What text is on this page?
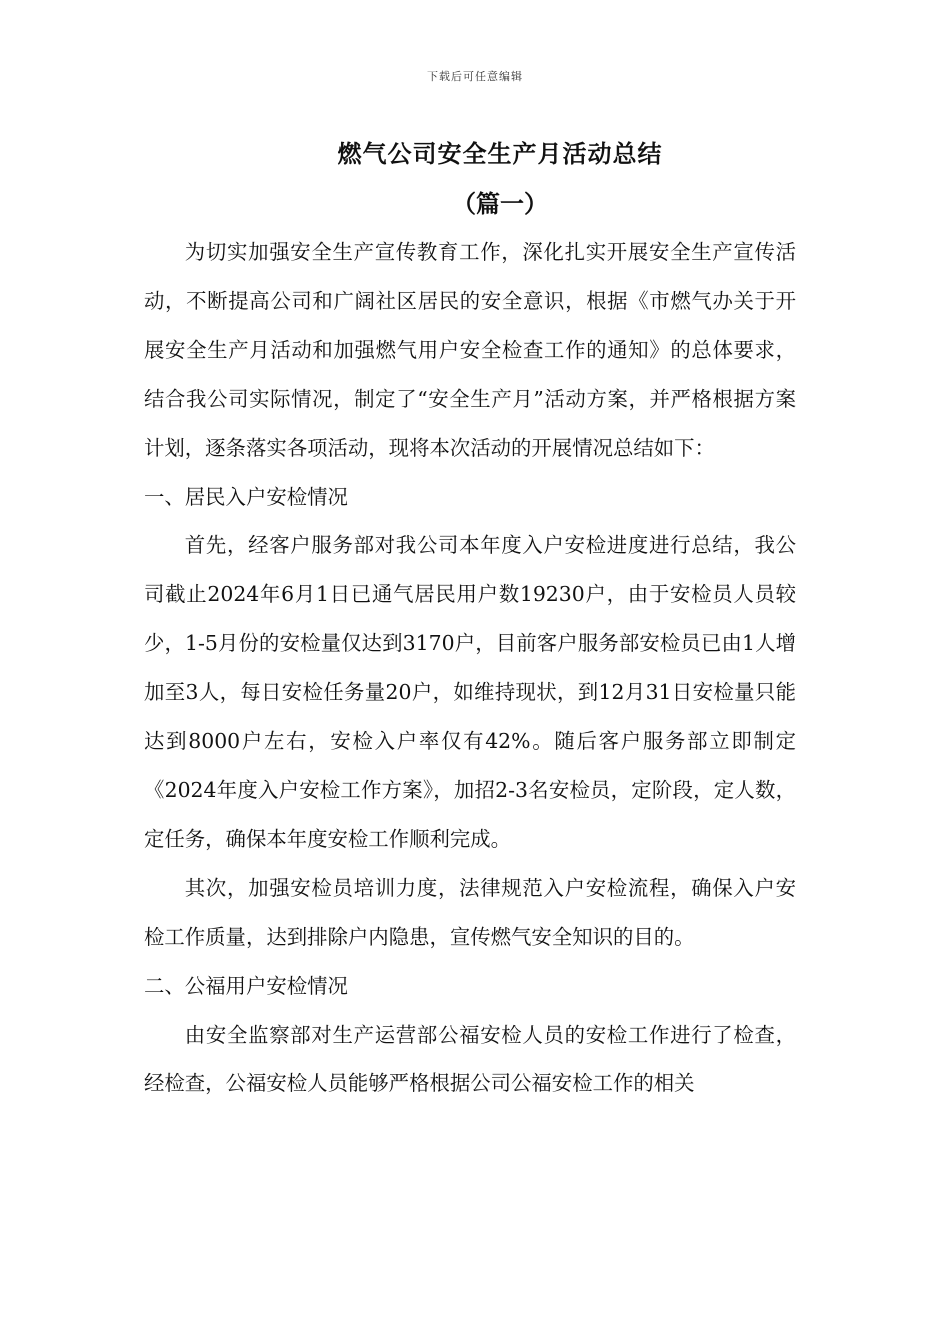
下载后可任意编辑
燃气公司安全生产月活动总结
（篇一）

为切实加强安全生产宣传教育工作，深化扎实开展安全生产宣传活动，不断提高公司和广阔社区居民的安全意识，根据《市燃气办关于开展安全生产月活动和加强燃气用户安全检查工作的通知》的总体要求，结合我公司实际情况，制定了“安全生产月”活动方案，并严格根据方案计划，逐条落实各项活动，现将本次活动的开展情况总结如下：

一、居民入户安检情况

首先，经客户服务部对我公司本年度入户安检进度进行总结，我公司截止2024年6月1日已通气居民用户数19230户，由于安检员人员较少，1-5月份的安检量仅达到3170户，目前客户服务部安检员已由1人增加至3人，每日安检任务量20户，如维持现状，到12月31日安检量只能达到8000户左右，安检入户率仅有42%。随后客户服务部立即制定《2024年度入户安检工作方案》，加招2-3名安检员，定阶段，定人数，定任务，确保本年度安检工作顺利完成。

其次，加强安检员培训力度，法律规范入户安检流程，确保入户安检工作质量，达到排除户内隐患，宣传燃气安全知识的目的。

二、公福用户安检情况

由安全监察部对生产运营部公福安检人员的安检工作进行了检查，经检查，公福安检人员能够严格根据公司公福安检工作的相关
